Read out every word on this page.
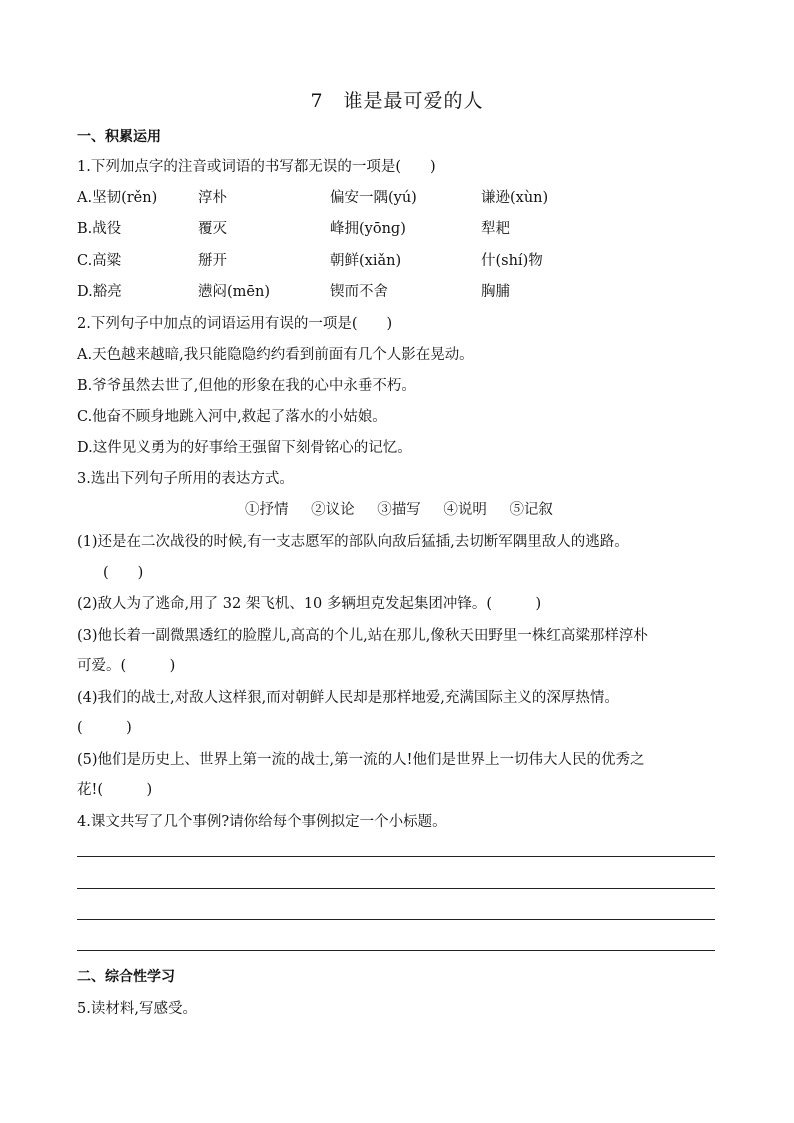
7 谁是最可爱的人
一、积累运用
1.下列加点字的注音或词语的书写都无误的一项是(　　)
A.坚韧(rěn)	淳朴	偏安一隅(yú)	谦逊(xùn)
B.战役	覆灭	峰拥(yōnɡ)	犁耙
C.高粱	掰开	朝鲜(xiǎn)	什(shí)物
D.豁亮	懑闷(mēn)	锲而不舍	胸脯
2.下列句子中加点的词语运用有误的一项是(　　)
A.天色越来越暗,我只能隐隐约约看到前面有几个人影在晃动。
B.爷爷虽然去世了,但他的形象在我的心中永垂不朽。
C.他奋不顾身地跳入河中,救起了落水的小姑娘。
D.这件见义勇为的好事给王强留下刻骨铭心的记忆。
3.选出下列句子所用的表达方式。
①抒情 ②议论 ③描写 ④说明 ⑤记叙
(1)还是在二次战役的时候,有一支志愿军的部队向敌后猛插,去切断军隅里敌人的逃路。
(　　)
(2)敌人为了逃命,用了 32 架飞机、10 多辆坦克发起集团冲锋。(　　　)
(3)他长着一副微黑透红的脸膛儿,高高的个儿,站在那儿,像秋天田野里一株红高粱那样淳朴
可爱。(　　　)
(4)我们的战士,对敌人这样狠,而对朝鲜人民却是那样地爱,充满国际主义的深厚热情。
(　　　)
(5)他们是历史上、世界上第一流的战士,第一流的人!他们是世界上一切伟大人民的优秀之
花!(　　　)
4.课文共写了几个事例?请你给每个事例拟定一个小标题。
二、综合性学习
5.读材料,写感受。
